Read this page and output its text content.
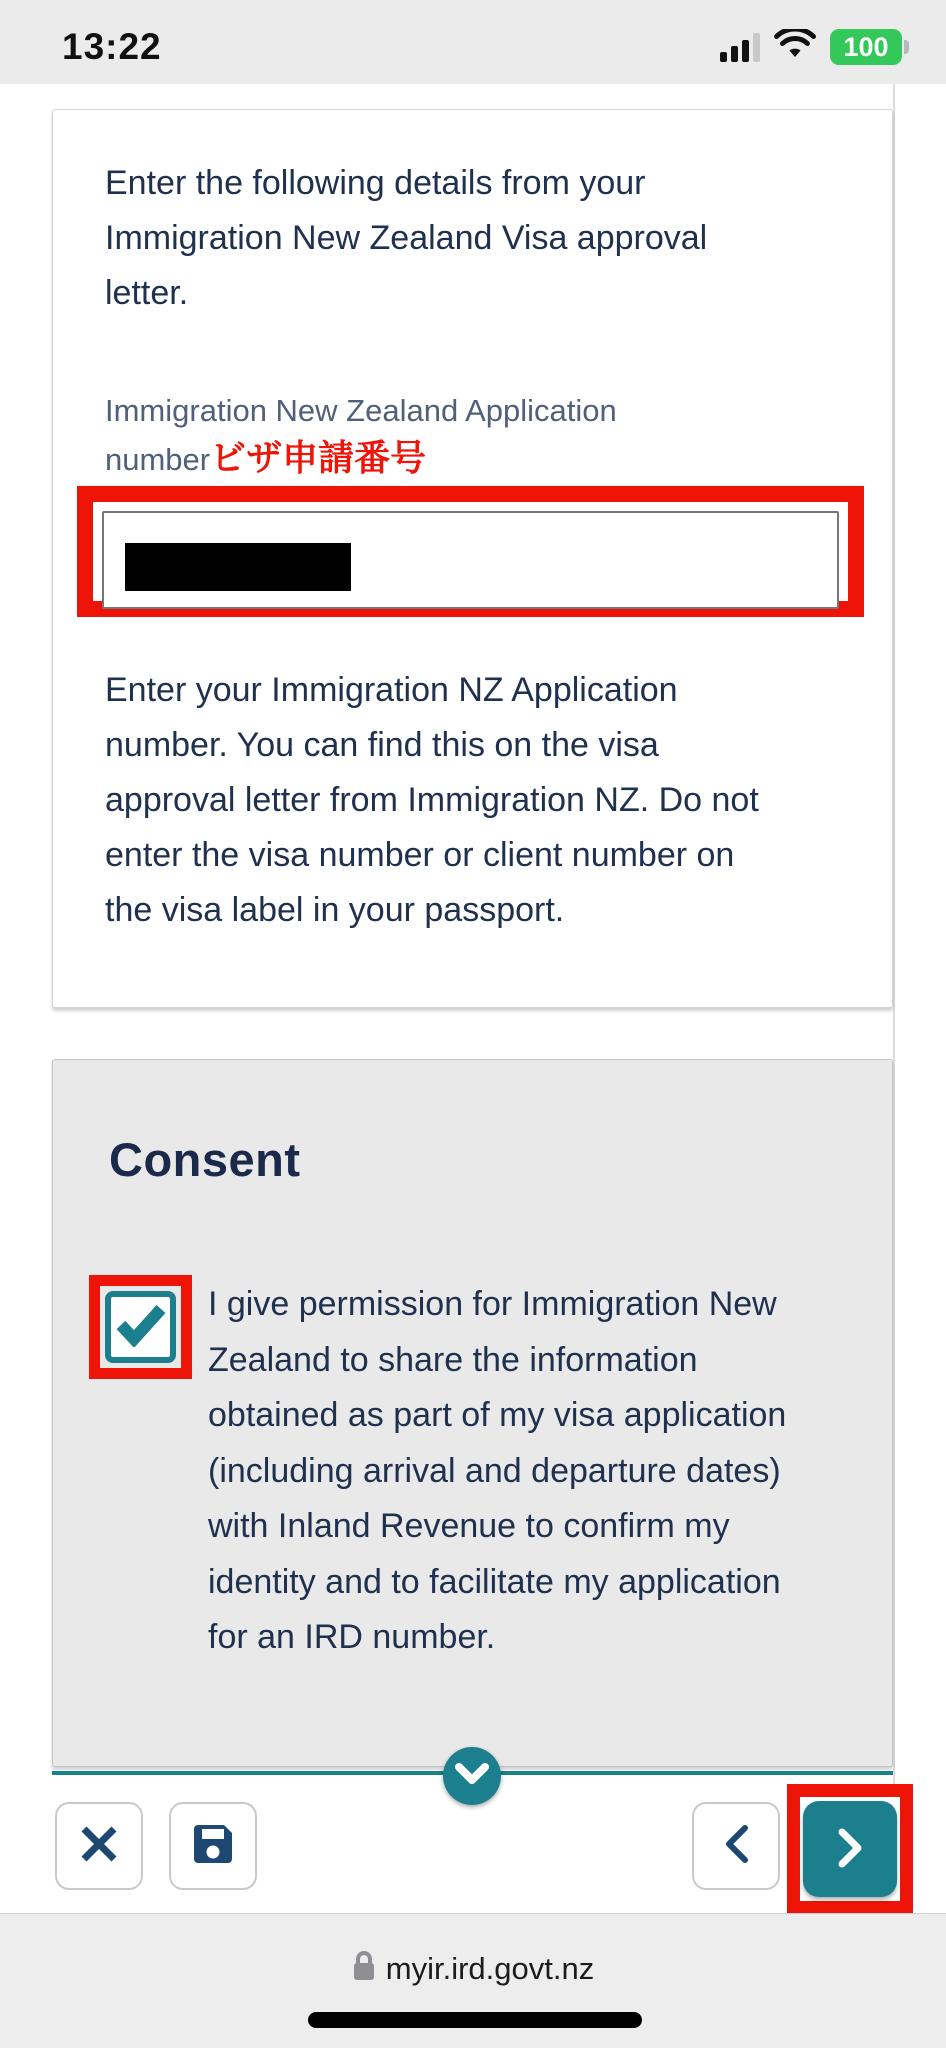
13:22	100

Enter the following details from your Immigration New Zealand Visa approval letter.

Immigration New Zealand Application numberビザ申請番号

Enter your Immigration NZ Application number. You can find this on the visa approval letter from Immigration NZ. Do not enter the visa number or client number on the visa label in your passport.

Consent
I give permission for Immigration New Zealand to share the information obtained as part of my visa application (including arrival and departure dates) with Inland Revenue to confirm my identity and to facilitate my application for an IRD number.
myir.ird.govt.nz
